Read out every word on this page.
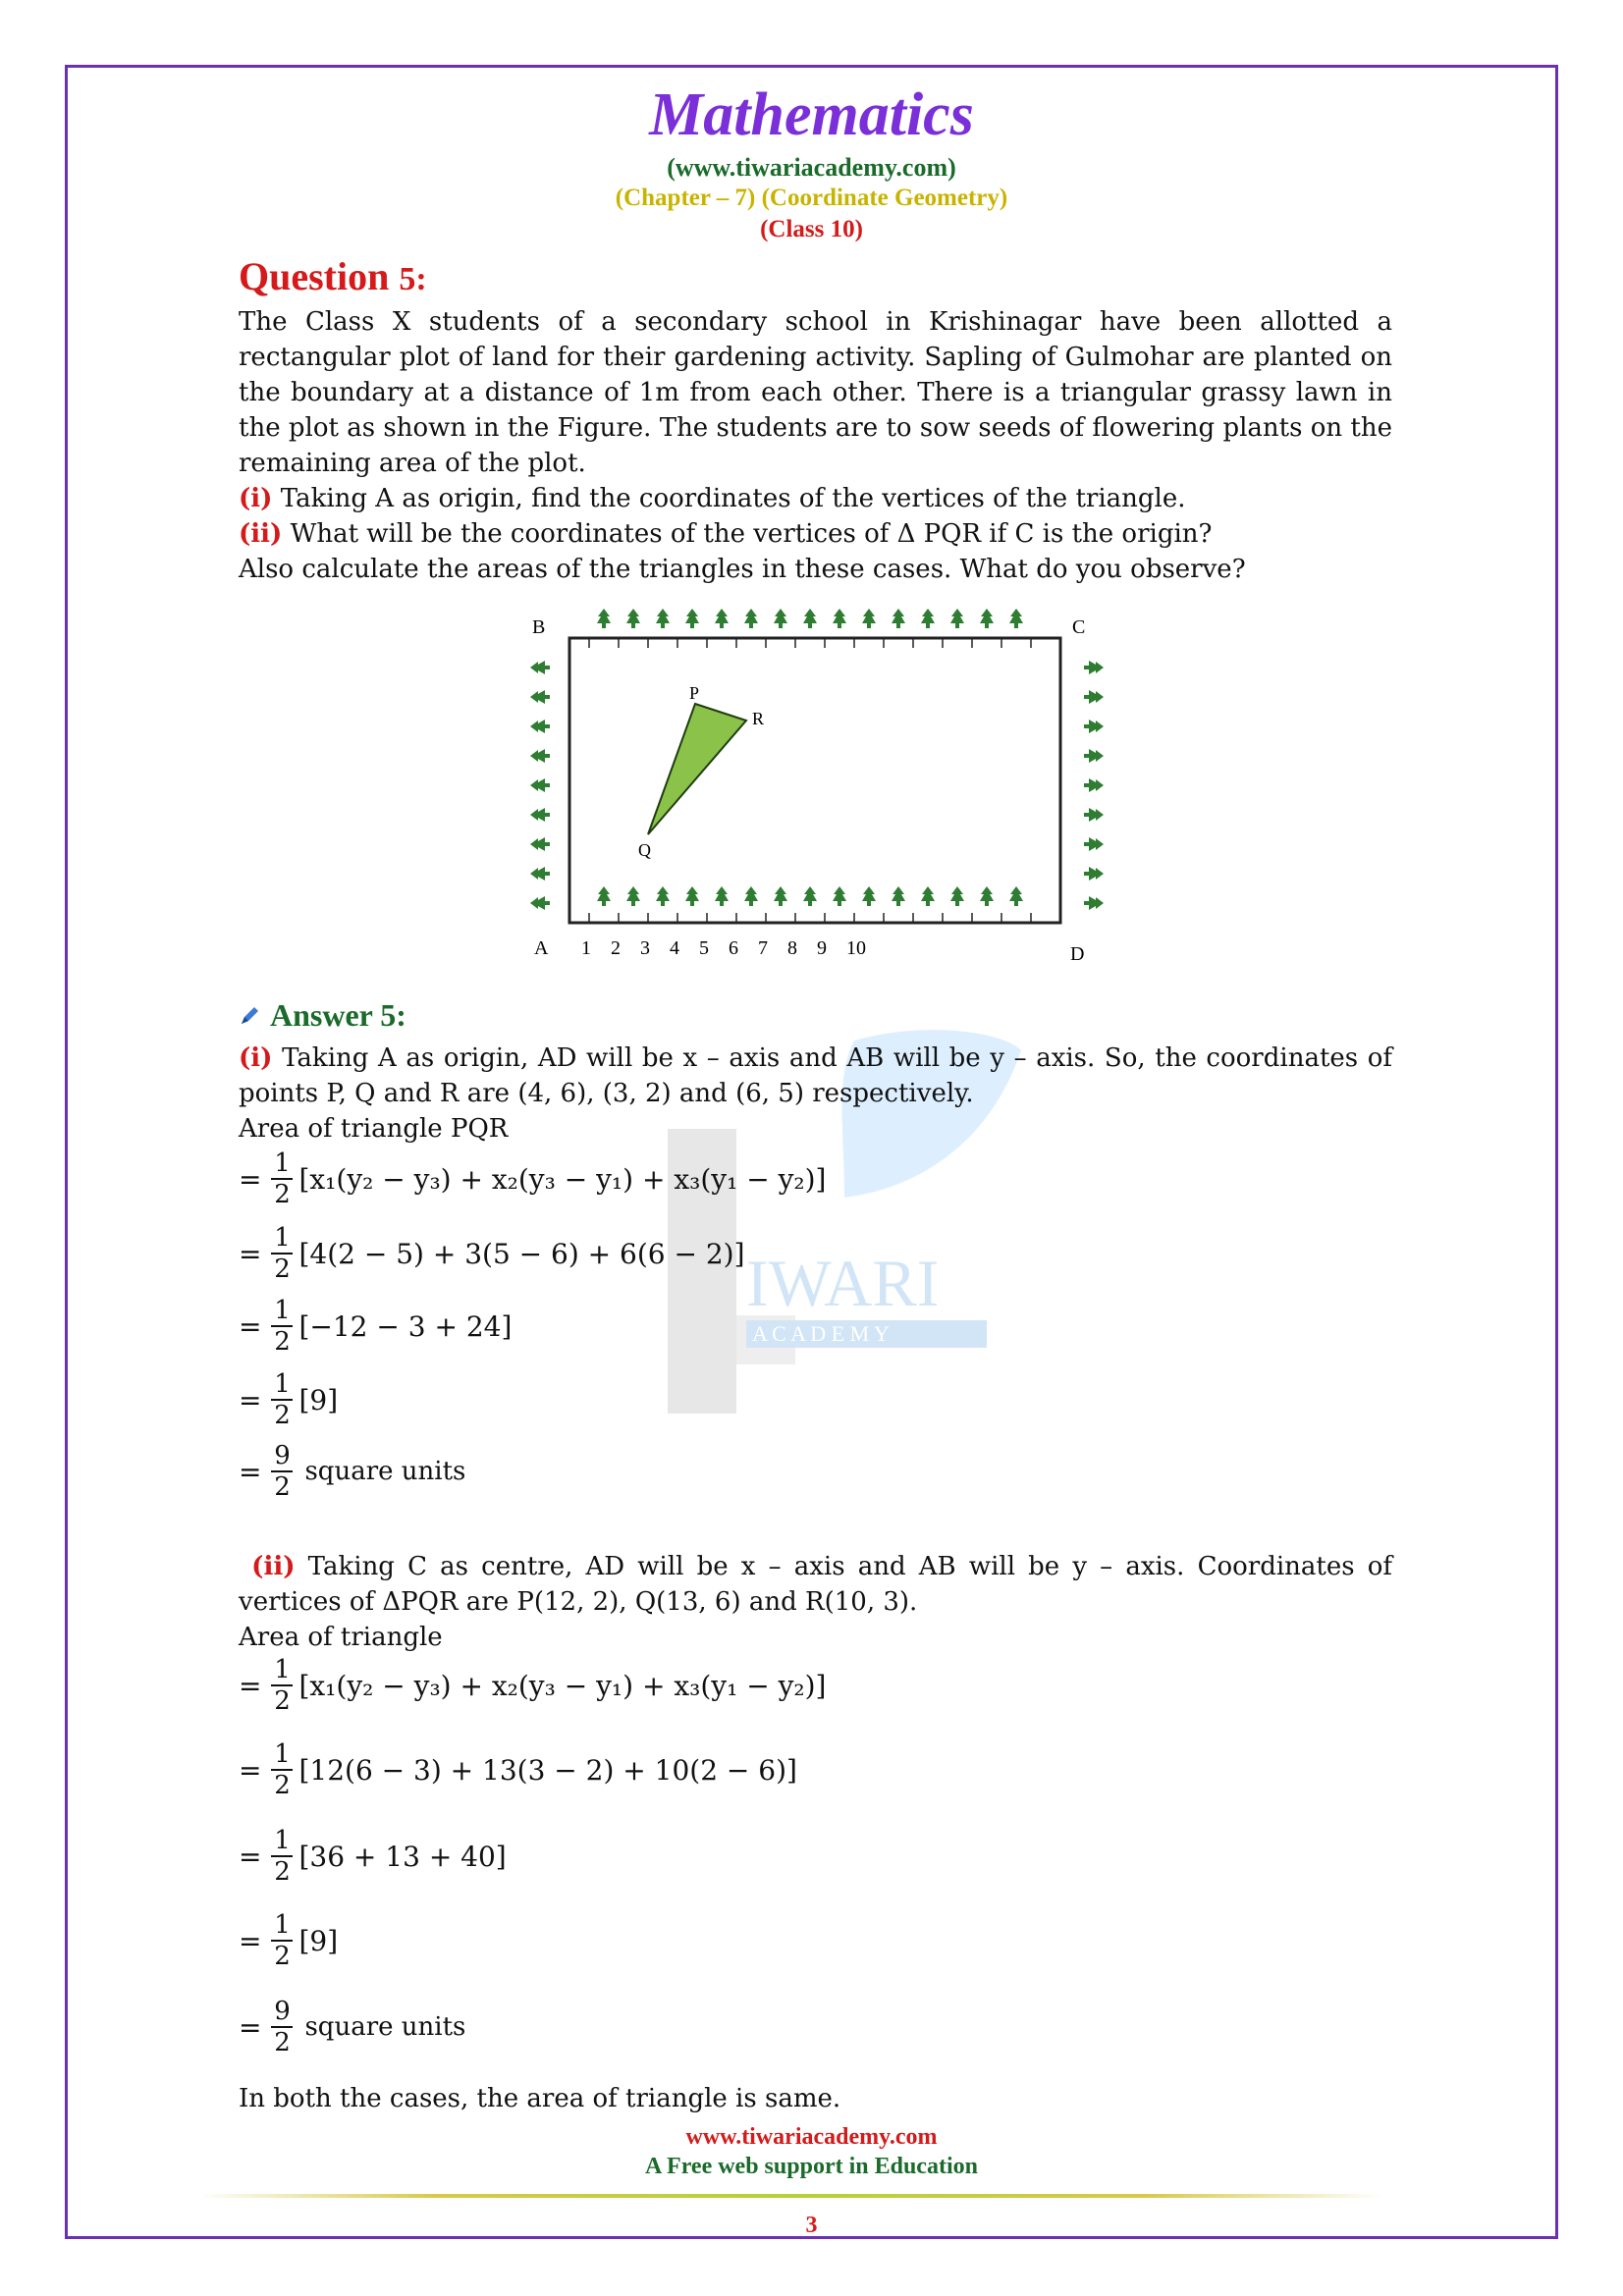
Mathematics
(www.tiwariacademy.com)
(Chapter – 7) (Coordinate Geometry)
(Class 10)
Question 5:
The Class X students of a secondary school in Krishinagar have been allotted a rectangular plot of land for their gardening activity. Sapling of Gulmohar are planted on the boundary at a distance of 1m from each other. There is a triangular grassy lawn in the plot as shown in the Figure. The students are to sow seeds of flowering plants on the remaining area of the plot.
(i) Taking A as origin, find the coordinates of the vertices of the triangle.
(ii) What will be the coordinates of the vertices of Δ PQR if C is the origin?
Also calculate the areas of the triangles in these cases. What do you observe?
B	C
A	D
P
Q
R
1 2 3 4 5 6 7 8 9 10
Answer 5:
IWARI
A C A D E M Y
(i) Taking A as origin, AD will be x – axis and AB will be y – axis. So, the coordinates of points P, Q and R are (4, 6), (3, 2) and (6, 5) respectively.
Area of triangle PQR
= $\frac{1}{2} [x_1(y_2 - y_3) + x_2(y_3 - y_1) + x_3(y_1 - y_2)]$
= $\frac{1}{2} [4(2 - 5) + 3(5 - 6) + 6(6 - 2)]$
= $\frac{1}{2} [-12 - 3 + 24]$
= $\frac{1}{2} [9]$
= $\frac{9}{2}$ square units
(ii) Taking C as centre, AD will be x – axis and AB will be y – axis. Coordinates of vertices of ΔPQR are P(12, 2), Q(13, 6) and R(10, 3).
Area of triangle
= $\frac{1}{2} [x_1(y_2 - y_3) + x_2(y_3 - y_1) + x_3(y_1 - y_2)]$
= $\frac{1}{2} [12(6 - 3) + 13(3 - 2) + 10(2 - 6)]$
= $\frac{1}{2} [36 + 13 + 40]$
= $\frac{1}{2} [9]$
= $\frac{9}{2}$ square units
In both the cases, the area of triangle is same.
www.tiwariacademy.com
A Free web support in Education
3
